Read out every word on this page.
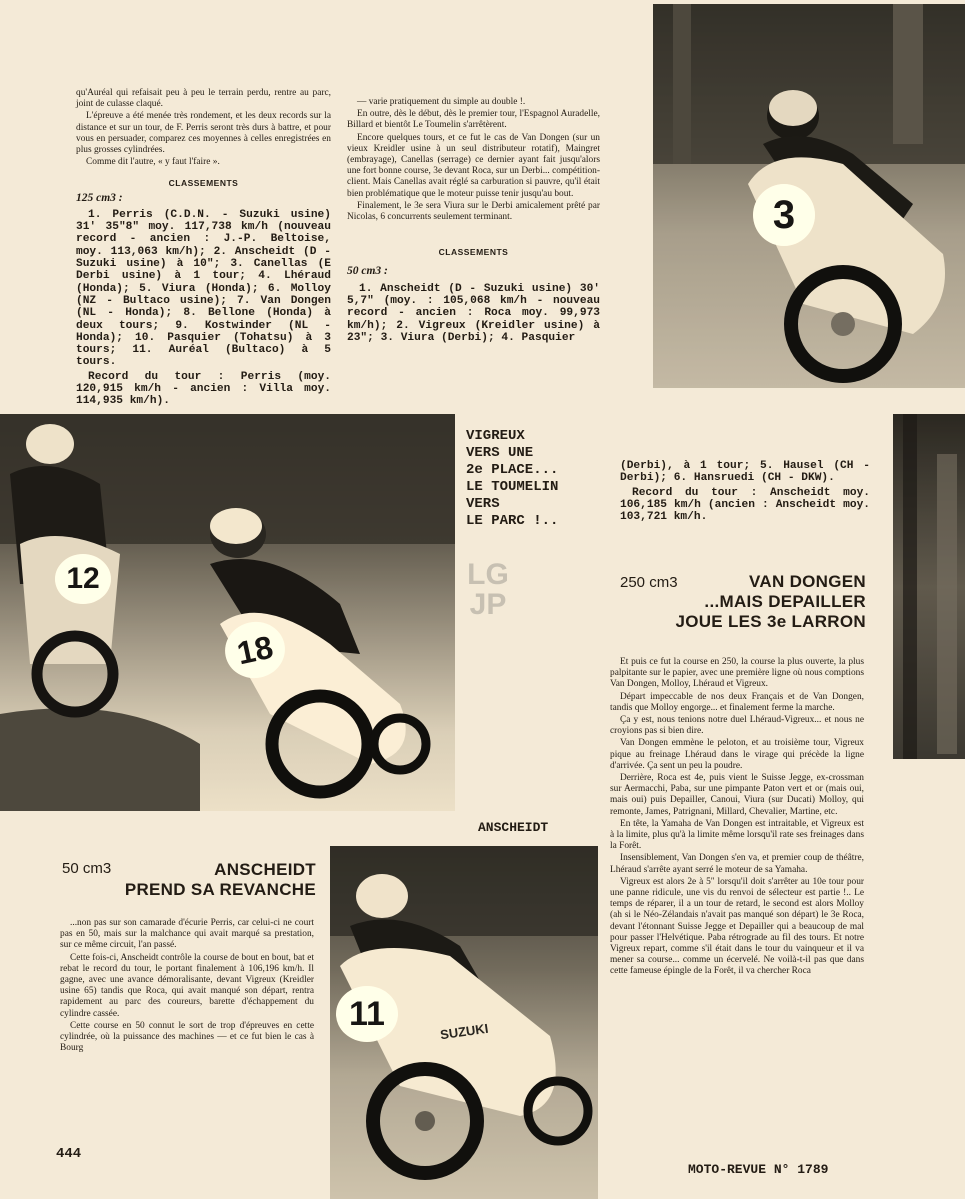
3

qu'Auréal qui refaisait peu à peu le terrain perdu, rentre au parc, joint de culasse claqué.

L'épreuve a été menée très rondement, et les deux records sur la distance et sur un tour, de F. Perris seront très durs à battre, et pour vous en persuader, comparez ces moyennes à celles enregistrées en plus grosses cylindrées.

Comme dit l'autre, « y faut l'faire ».

CLASSEMENTS
125 cm3 :

1. Perris (C.D.N. - Suzuki usine) 31' 35"8" moy. 117,738 km/h (nouveau record - ancien : J.-P. Beltoise, moy. 113,063 km/h); 2. Anscheidt (D - Suzuki usine) à 10"; 3. Canellas (E Derbi usine) à 1 tour; 4. Lhéraud (Honda); 5. Viura (Honda); 6. Molloy (NZ - Bultaco usine); 7. Van Dongen (NL - Honda); 8. Bellone (Honda) à deux tours; 9. Kostwinder (NL - Honda); 10. Pasquier (Tohatsu) à 3 tours; 11. Auréal (Bultaco) à 5 tours.

Record du tour : Perris (moy. 120,915 km/h - ancien : Villa moy. 114,935 km/h).

— varie pratiquement du simple au double !.

En outre, dès le début, dès le premier tour, l'Espagnol Auradelle, Billard et bientôt Le Toumelin s'arrêtèrent.

Encore quelques tours, et ce fut le cas de Van Dongen (sur un vieux Kreidler usine à un seul distributeur rotatif), Maingret (embrayage), Canellas (serrage) ce dernier ayant fait jusqu'alors une fort bonne course, 3e devant Roca, sur un Derbi... compétition-client. Mais Canellas avait réglé sa carburation si pauvre, qu'il était bien problématique que le moteur puisse tenir jusqu'au bout.

Finalement, le 3e sera Viura sur le Derbi amicalement prêté par Nicolas, 6 concurrents seulement terminant.

CLASSEMENTS
50 cm3 :

1. Anscheidt (D - Suzuki usine) 30' 5,7" (moy. : 105,068 km/h - nouveau record - ancien : Roca moy. 99,973 km/h); 2. Vigreux (Kreidler usine) à 23"; 3. Viura (Derbi); 4. Pasquier

12
18
VIGREUX
VERS UNE
2e PLACE...
LE TOUMELIN
VERS
LE PARC !..

(Derbi), à 1 tour; 5. Hausel (CH - Derbi); 6. Hansruedi (CH - DKW).

Record du tour : Anscheidt moy. 106,185 km/h (ancien : Anscheidt moy. 103,721 km/h.

LG
JP
250 cm3	VAN DONGEN
...MAIS DEPAILLER
JOUE LES 3e LARRON

Et puis ce fut la course en 250, la course la plus ouverte, la plus palpitante sur le papier, avec une première ligne où nous comptions Van Dongen, Molloy, Lhéraud et Vigreux.

Départ impeccable de nos deux Français et de Van Dongen, tandis que Molloy engorge... et finalement ferme la marche.

Ça y est, nous tenions notre duel Lhéraud-Vigreux... et nous ne croyions pas si bien dire.

Van Dongen emmène le peloton, et au troisième tour, Vigreux pique au freinage Lhéraud dans le virage qui précède la ligne d'arrivée. Ça sent un peu la poudre.

Derrière, Roca est 4e, puis vient le Suisse Jegge, ex-crossman sur Aermacchi, Paba, sur une pimpante Paton vert et or (mais oui, mais oui) puis Depailler, Canoui, Viura (sur Ducati) Molloy, qui remonte, James, Patrignani, Millard, Chevalier, Martine, etc.

En tête, la Yamaha de Van Dongen est intraitable, et Vigreux est à la limite, plus qu'à la limite même lorsqu'il rate ses freinages dans la Forêt.

Insensiblement, Van Dongen s'en va, et premier coup de théâtre, Lhéraud s'arrête ayant serré le moteur de sa Yamaha.

Vigreux est alors 2e à 5" lorsqu'il doit s'arrêter au 10e tour pour une panne ridicule, une vis du renvoi de sélecteur est partie !.. Le temps de réparer, il a un tour de retard, le second est alors Molloy (ah si le Néo-Zélandais n'avait pas manqué son départ) le 3e Roca, devant l'étonnant Suisse Jegge et Depailler qui a beaucoup de mal pour passer l'Helvétique. Paba rétrograde au fil des tours. Et notre Vigreux repart, comme s'il était dans le tour du vainqueur et il va mener sa course... comme un écervelé. Ne voilà-t-il pas que dans cette fameuse épingle de la Forêt, il va chercher Roca

ANSCHEIDT
50 cm3	ANSCHEIDT
PREND SA REVANCHE

...non pas sur son camarade d'écurie Perris, car celui-ci ne court pas en 50, mais sur la malchance qui avait marqué sa prestation, sur ce même circuit, l'an passé.

Cette fois-ci, Anscheidt contrôle la course de bout en bout, bat et rebat le record du tour, le portant finalement à 106,196 km/h. Il gagne, avec une avance démoralisante, devant Vigreux (Kreidler usine 65) tandis que Roca, qui avait manqué son départ, rentra rapidement au parc des coureurs, barette d'échappement du cylindre cassée.

Cette course en 50 connut le sort de trop d'épreuves en cette cylindrée, où la puissance des machines — et ce fut bien le cas à Bourg

11	SUZUKI
444
MOTO-REVUE N° 1789
